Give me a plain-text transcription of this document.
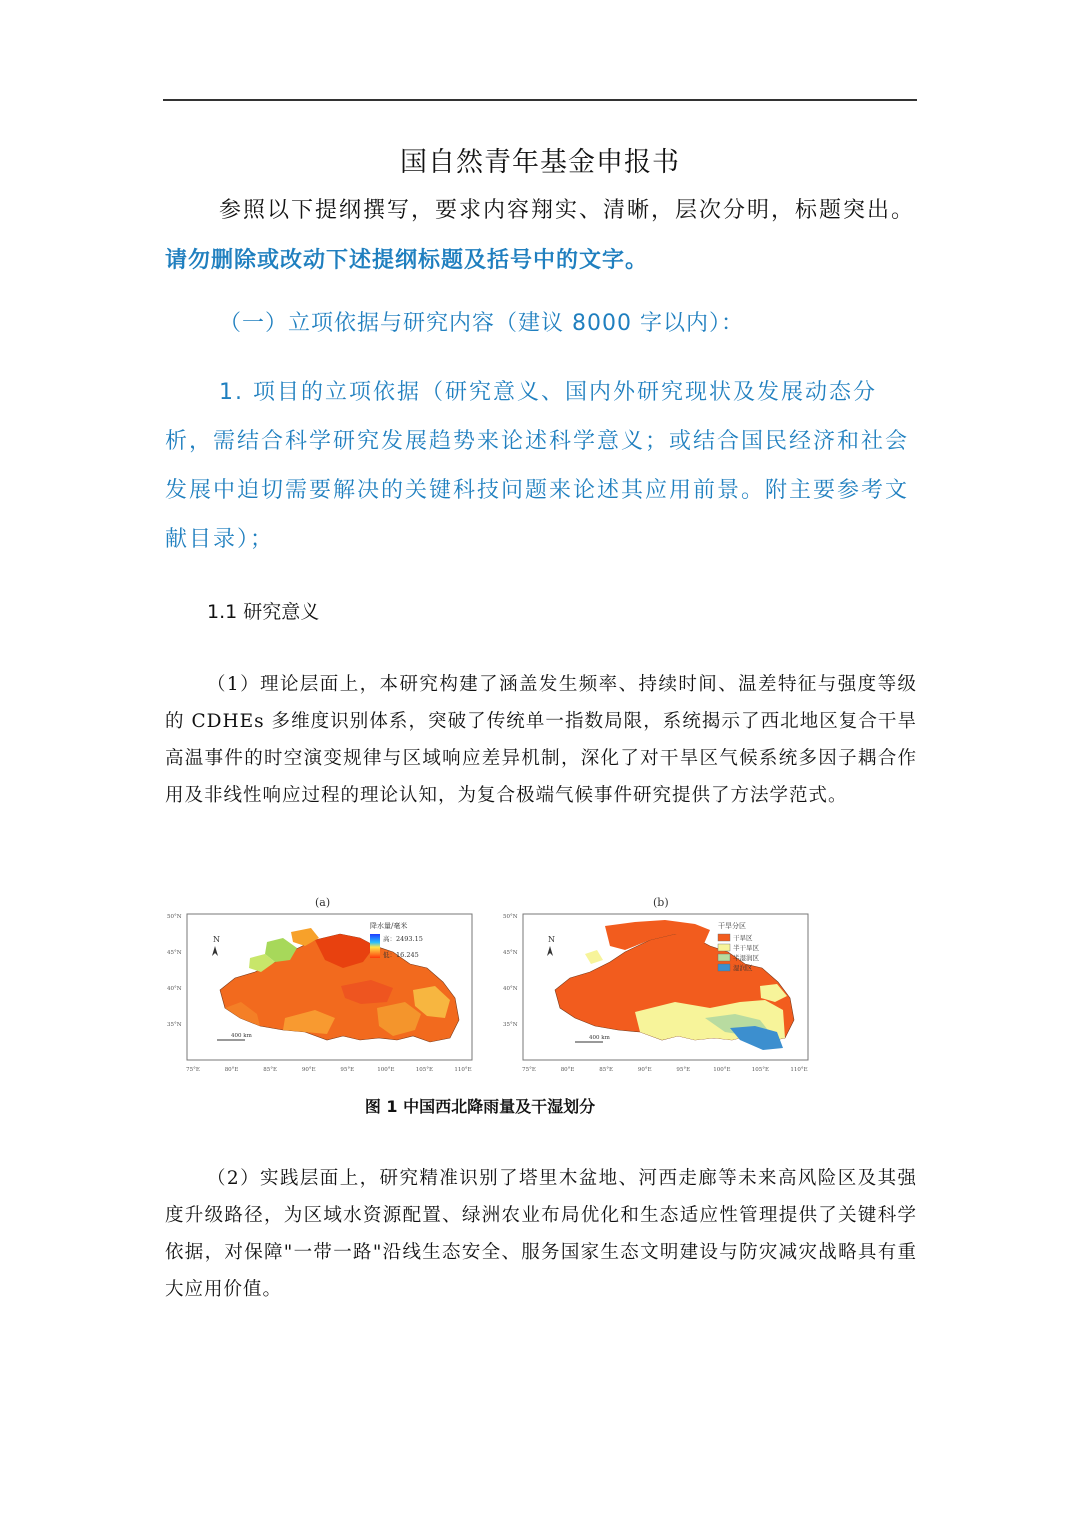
国自然青年基金申报书
参照以下提纲撰写，要求内容翔实、清晰，层次分明，标题突出。
请勿删除或改动下述提纲标题及括号中的文字。
（一）立项依据与研究内容（建议 8000 字以内）：
1. 项目的立项依据（研究意义、国内外研究现状及发展动态分析，需结合科学研究发展趋势来论述科学意义；或结合国民经济和社会发展中迫切需要解决的关键科技问题来论述其应用前景。附主要参考文献目录）；
1.1 研究意义
（1）理论层面上，本研究构建了涵盖发生频率、持续时间、温差特征与强度等级的 CDHEs 多维度识别体系，突破了传统单一指数局限，系统揭示了西北地区复合干旱高温事件的时空演变规律与区域响应差异机制，深化了对干旱区气候系统多因子耦合作用及非线性响应过程的理论认知，为复合极端气候事件研究提供了方法学范式。
(a)	(b)
降水量/毫米
高：2493.15
低：16.245
N
400 km
50°N
45°N
40°N
35°N
干旱分区
干旱区
半干旱区
半湿润区
湿润区
N
400 km
50°N
45°N
40°N
35°N
75°E	80°E	85°E	90°E	95°E	100°E	105°E	110°E	75°E	80°E	85°E	90°E	95°E	100°E	105°E	110°E
图 1 中国西北降雨量及干湿划分
（2）实践层面上，研究精准识别了塔里木盆地、河西走廊等未来高风险区及其强度升级路径，为区域水资源配置、绿洲农业布局优化和生态适应性管理提供了关键科学依据，对保障"一带一路"沿线生态安全、服务国家生态文明建设与防灾减灾战略具有重大应用价值。
